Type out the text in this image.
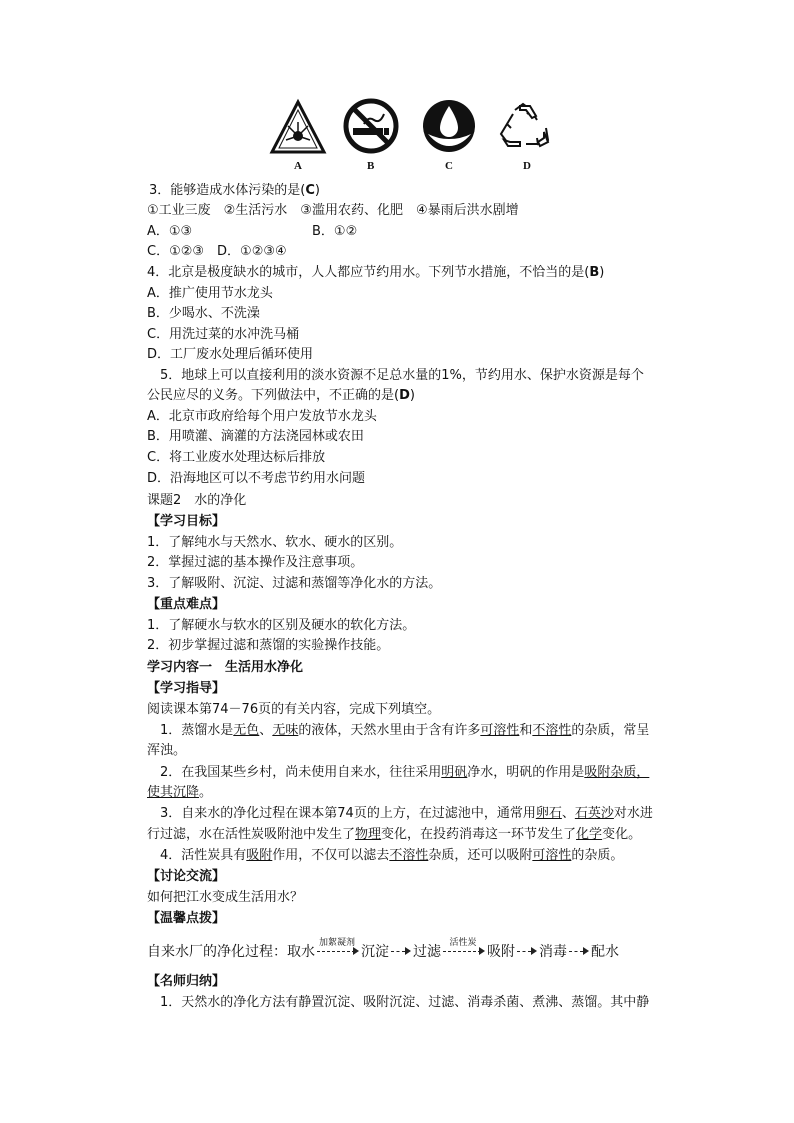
A	B	C	D
3．能够造成水体污染的是(C)
①工业三废　②生活污水　③滥用农药、化肥　④暴雨后洪水剧增
A．①③	B．①②
C．①②③　D．①②③④
4．北京是极度缺水的城市，人人都应节约用水。下列节水措施，不恰当的是(B)
A．推广使用节水龙头
B．少喝水、不洗澡
C．用洗过菜的水冲洗马桶
D．工厂废水处理后循环使用
5．地球上可以直接利用的淡水资源不足总水量的1%，节约用水、保护水资源是每个
公民应尽的义务。下列做法中，不正确的是(D)
A．北京市政府给每个用户发放节水龙头
B．用喷灌、滴灌的方法浇园林或农田
C．将工业废水处理达标后排放
D．沿海地区可以不考虑节约用水问题
课题2　水的净化
【学习目标】
1．了解纯水与天然水、软水、硬水的区别。
2．掌握过滤的基本操作及注意事项。
3．了解吸附、沉淀、过滤和蒸馏等净化水的方法。
【重点难点】
1．了解硬水与软水的区别及硬水的软化方法。
2．初步掌握过滤和蒸馏的实验操作技能。
学习内容一　生活用水净化
【学习指导】
阅读课本第74－76页的有关内容，完成下列填空。
1．蒸馏水是无色、无味的液体，天然水里由于含有许多可溶性和不溶性的杂质，常呈
浑浊。
2．在我国某些乡村，尚未使用自来水，往往采用明矾净水，明矾的作用是吸附杂质，
使其沉降。
3．自来水的净化过程在课本第74页的上方，在过滤池中，通常用卵石、石英沙对水进
行过滤，水在活性炭吸附池中发生了物理变化，在投药消毒这一环节发生了化学变化。
4．活性炭具有吸附作用，不仅可以滤去不溶性杂质，还可以吸附可溶性的杂质。
【讨论交流】
如何把江水变成生活用水？
【温馨点拨】
自来水厂的净化过程：取水
加絮凝剂
沉淀 过滤
活性炭
吸附 消毒 配水
【名师归纳】
1．天然水的净化方法有静置沉淀、吸附沉淀、过滤、消毒杀菌、煮沸、蒸馏。其中静
